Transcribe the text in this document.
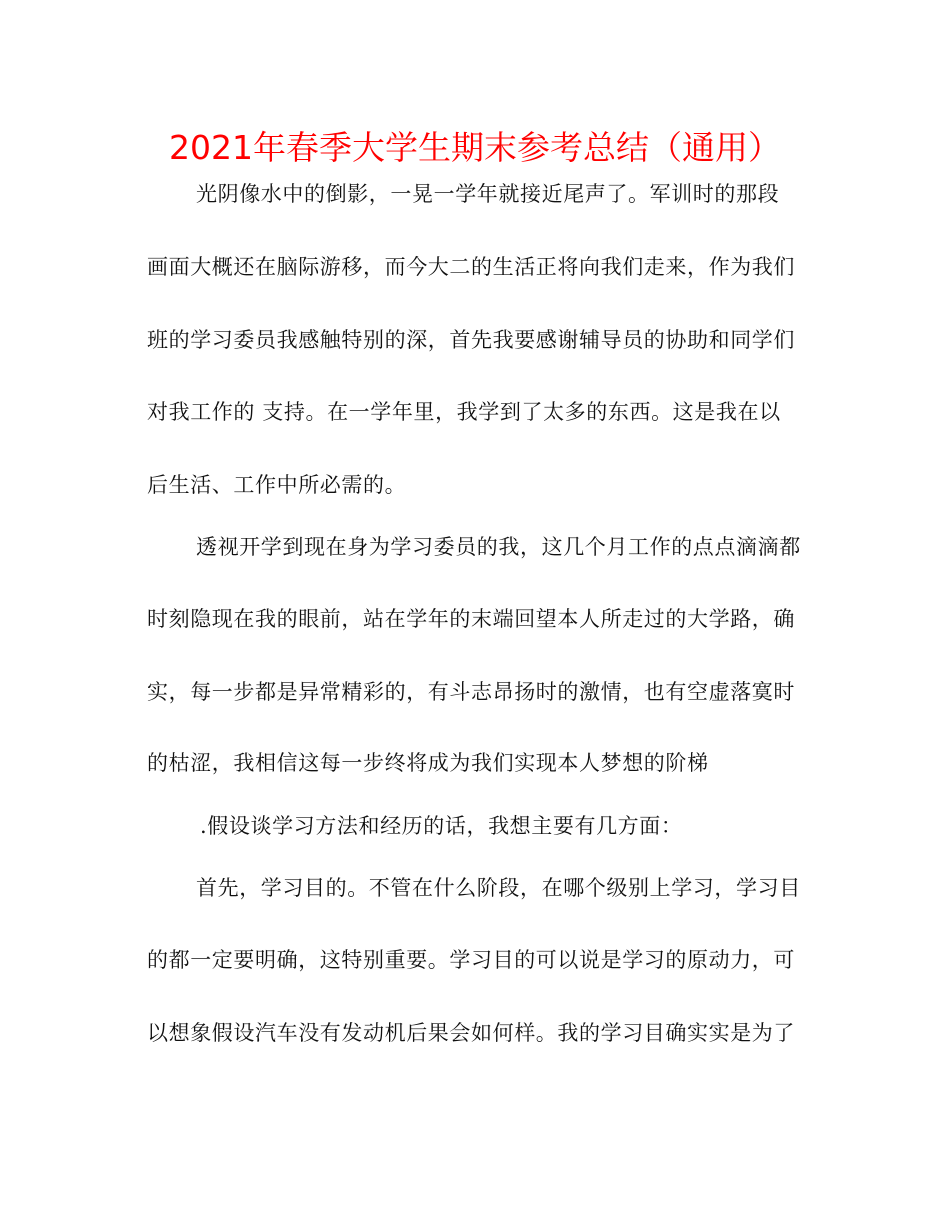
2021年春季大学生期末参考总结（通用）
光阴像水中的倒影，一晃一学年就接近尾声了。军训时的那段
画面大概还在脑际游移，而今大二的生活正将向我们走来，作为我们
班的学习委员我感触特别的深，首先我要感谢辅导员的协助和同学们
对我工作的 支持。在一学年里，我学到了太多的东西。这是我在以
后生活、工作中所必需的。
透视开学到现在身为学习委员的我，这几个月工作的点点滴滴都
时刻隐现在我的眼前，站在学年的末端回望本人所走过的大学路，确
实，每一步都是异常精彩的，有斗志昂扬时的激情，也有空虚落寞时
的枯涩，我相信这每一步终将成为我们实现本人梦想的阶梯
.假设谈学习方法和经历的话，我想主要有几方面：
首先，学习目的。不管在什么阶段，在哪个级别上学习，学习目
的都一定要明确，这特别重要。学习目的可以说是学习的原动力，可
以想象假设汽车没有发动机后果会如何样。我的学习目确实实是为了
